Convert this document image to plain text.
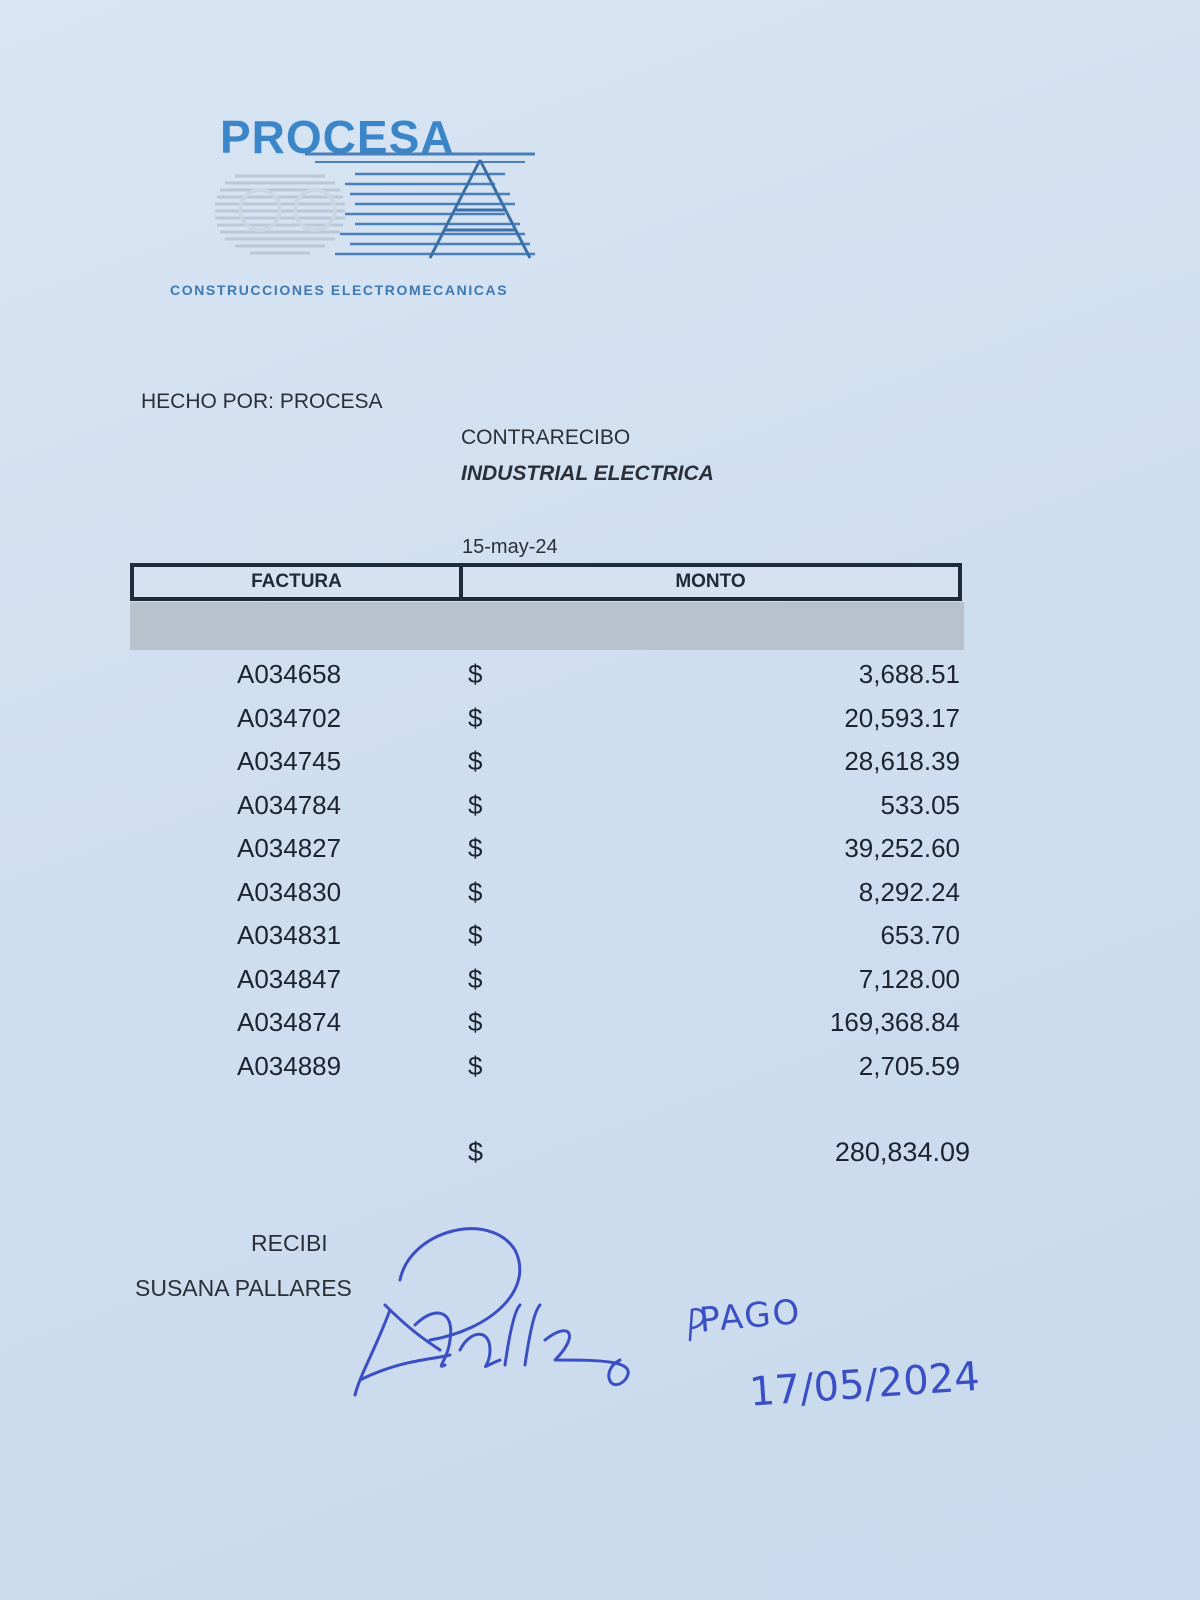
PROCESA
CONSTRUCCIONES ELECTROMECANICAS
HECHO POR: PROCESA
CONTRARECIBO
INDUSTRIAL ELECTRICA
15-may-24
FACTURA	MONTO
A034658	$	3,688.51
A034702	$	20,593.17
A034745	$	28,618.39
A034784	$	533.05
A034827	$	39,252.60
A034830	$	8,292.24
A034831	$	653.70
A034847	$	7,128.00
A034874	$	169,368.84
A034889	$	2,705.59
$	280,834.09
RECIBI
SUSANA PALLARES
PAGO
17/05/2024
